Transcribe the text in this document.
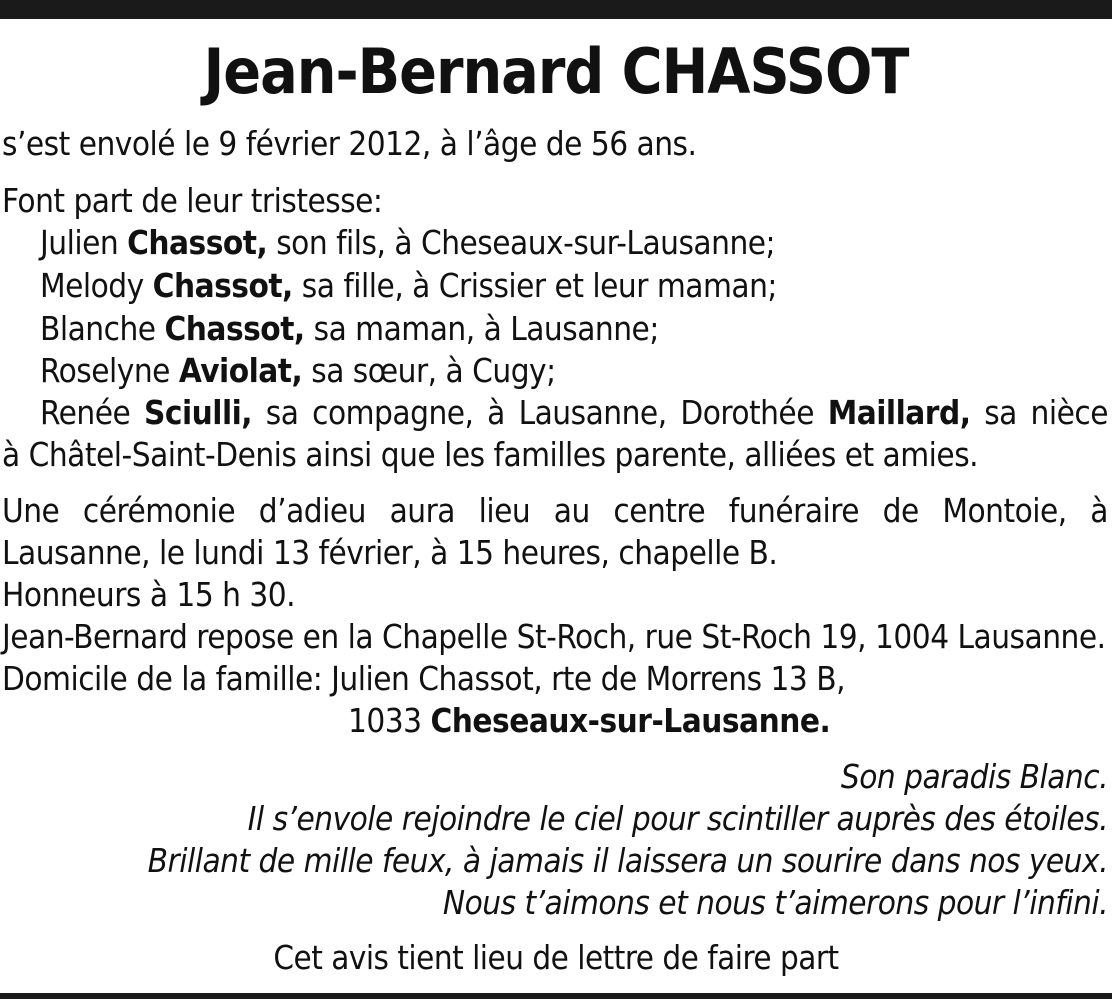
Jean-Bernard CHASSOT
s’est envolé le 9 février 2012, à l’âge de 56 ans.
Font part de leur tristesse:
Julien Chassot, son fils, à Cheseaux-sur-Lausanne;
Melody Chassot, sa fille, à Crissier et leur maman;
Blanche Chassot, sa maman, à Lausanne;
Roselyne Aviolat, sa sœur, à Cugy;
Renée Sciulli, sa compagne, à Lausanne, Dorothée Maillard, sa nièce
à Châtel-Saint-Denis ainsi que les familles parente, alliées et amies.
Une cérémonie d’adieu aura lieu au centre funéraire de Montoie, à
Lausanne, le lundi 13 février, à 15 heures, chapelle B.
Honneurs à 15 h 30.
Jean-Bernard repose en la Chapelle St-Roch, rue St-Roch 19, 1004 Lausanne.
Domicile de la famille: Julien Chassot, rte de Morrens 13 B,
1033 Cheseaux-sur-Lausanne.
Son paradis Blanc.
Il s’envole rejoindre le ciel pour scintiller auprès des étoiles.
Brillant de mille feux, à jamais il laissera un sourire dans nos yeux.
Nous t’aimons et nous t’aimerons pour l’infini.
Cet avis tient lieu de lettre de faire part
